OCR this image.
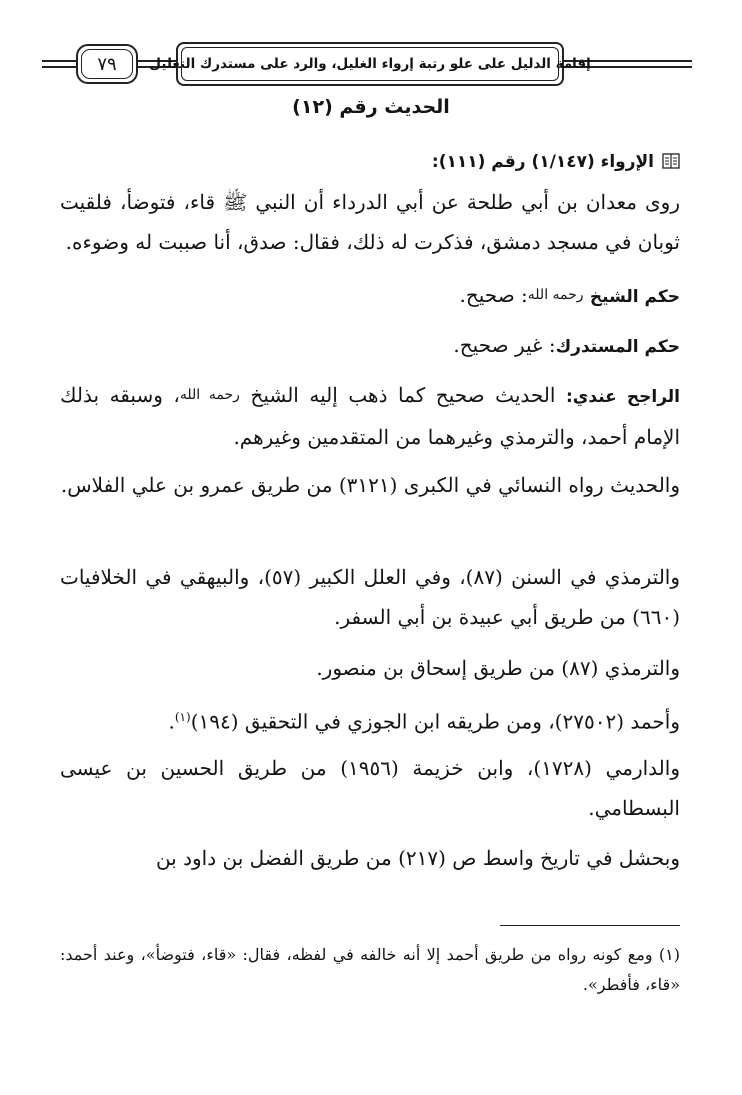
٧٩ إقامة الدليل على علو رتبة إرواء الغليل، والرد على مستدرك التعليل
الحديث رقم (١٢)
الإرواء (١/١٤٧) رقم (١١١):
روى معدان بن أبي طلحة عن أبي الدرداء أن النبي ﷺ قاء، فتوضأ، فلقيت ثوبان في مسجد دمشق، فذكرت له ذلك، فقال: صدق، أنا صببت له وضوءه.
حكم الشيخ رحمه الله: صحيح.
حكم المستدرك: غير صحيح.
الراجح عندي: الحديث صحيح كما ذهب إليه الشيخ رحمه الله، وسبقه بذلك الإمام أحمد، والترمذي وغيرهما من المتقدمين وغيرهم.
والحديث رواه النسائي في الكبرى (٣١٢١) من طريق عمرو بن علي الفلاس.
والترمذي في السنن (٨٧)، وفي العلل الكبير (٥٧)، والبيهقي في الخلافيات (٦٦٠) من طريق أبي عبيدة بن أبي السفر.
والترمذي (٨٧) من طريق إسحاق بن منصور.
وأحمد (٢٧٥٠٢)، ومن طريقه ابن الجوزي في التحقيق (١٩٤)$^{(١)}$.
والدارمي (١٧٢٨)، وابن خزيمة (١٩٥٦) من طريق الحسين بن عيسى البسطامي.
وبحشل في تاريخ واسط ص (٢١٧) من طريق الفضل بن داود بن
(١) ومع كونه رواه من طريق أحمد إلا أنه خالفه في لفظه، فقال: «قاء، فتوضأ»، وعند أحمد: «قاء، فأفطر».
